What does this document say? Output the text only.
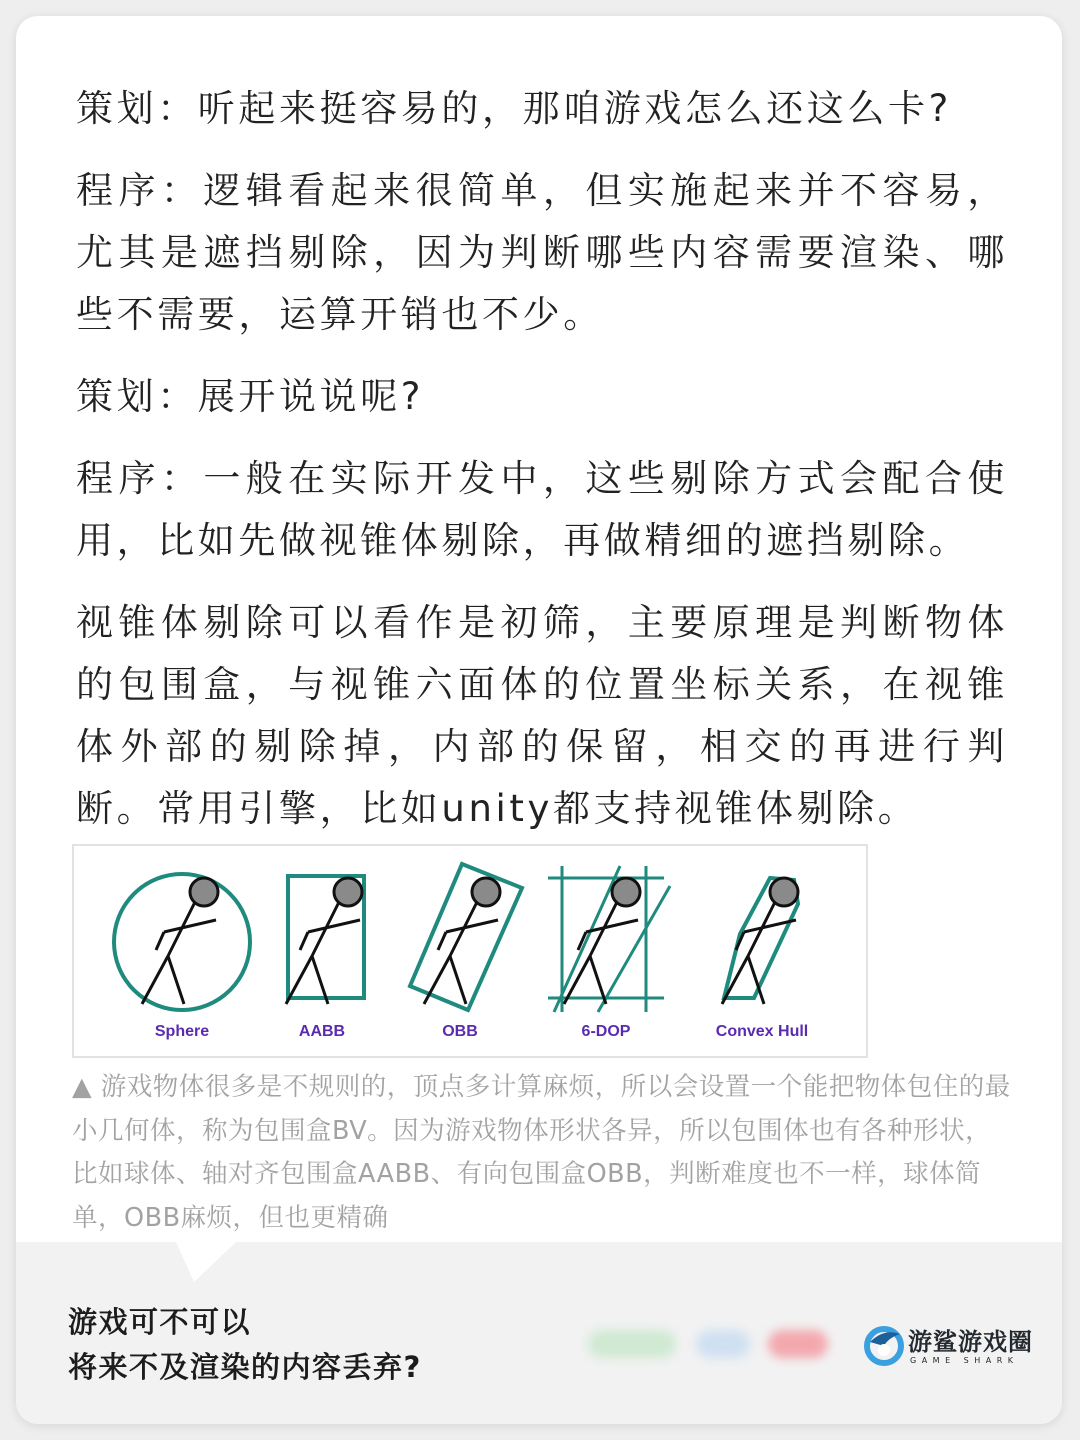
策划：听起来挺容易的，那咱游戏怎么还这么卡?

程序：逻辑看起来很简单，但实施起来并不容易，尤其是遮挡剔除，因为判断哪些内容需要渲染、哪些不需要，运算开销也不少。

策划：展开说说呢?

程序：一般在实际开发中，这些剔除方式会配合使用，比如先做视锥体剔除，再做精细的遮挡剔除。

视锥体剔除可以看作是初筛，主要原理是判断物体的包围盒，与视锥六面体的位置坐标关系，在视锥体外部的剔除掉，内部的保留，相交的再进行判断。常用引擎，比如unity都支持视锥体剔除。

Sphere	AABB	OBB	6-DOP	Convex Hull
▲ 游戏物体很多是不规则的，顶点多计算麻烦，所以会设置一个能把物体包住的最小几何体，称为包围盒BV。因为游戏物体形状各异，所以包围体也有各种形状，比如球体、轴对齐包围盒AABB、有向包围盒OBB，判断难度也不一样，球体简单，OBB麻烦，但也更精确
游戏可不可以
将来不及渲染的内容丢弃?
游鲨游戏圈
GAME SHARK
